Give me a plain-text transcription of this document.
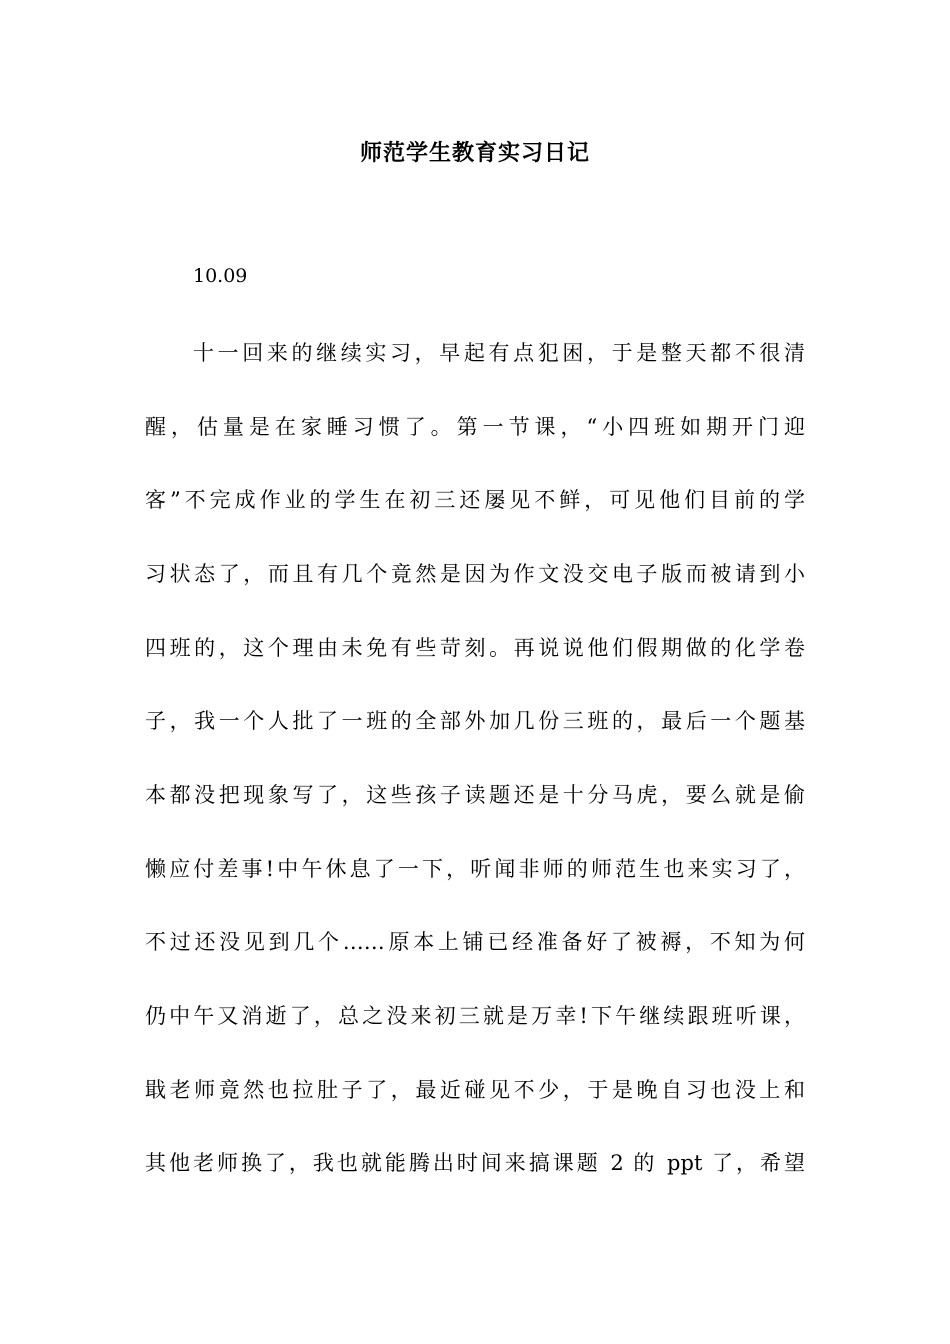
师范学生教育实习日记
10.09
十一回来的继续实习，早起有点犯困，于是整天都不很清
醒，估量是在家睡习惯了。第一节课，“小四班如期开门迎
客”不完成作业的学生在初三还屡见不鲜，可见他们目前的学
习状态了，而且有几个竟然是因为作文没交电子版而被请到小
四班的，这个理由未免有些苛刻。再说说他们假期做的化学卷
子，我一个人批了一班的全部外加几份三班的，最后一个题基
本都没把现象写了，这些孩子读题还是十分马虎，要么就是偷
懒应付差事!中午休息了一下，听闻非师的师范生也来实习了，
不过还没见到几个……原本上铺已经准备好了被褥，不知为何
仍中午又消逝了，总之没来初三就是万幸!下午继续跟班听课，
戢老师竟然也拉肚子了，最近碰见不少，于是晚自习也没上和
其他老师换了，我也就能腾出时间来搞课题 2 的 ppt 了，希望
